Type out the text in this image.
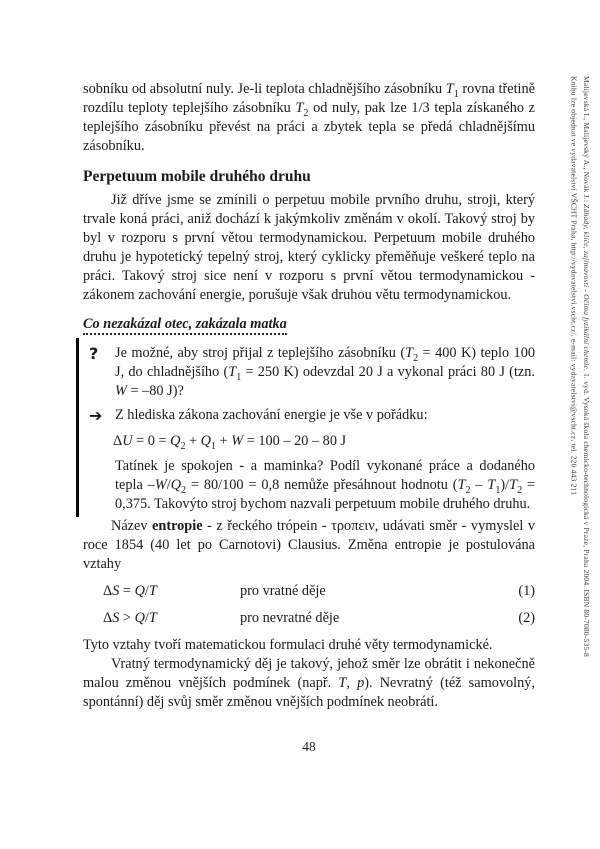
sobníku od absolutní nuly. Je-li teplota chladnějšího zásobníku $T_1$ rovna třetině rozdílu teploty teplejšího zásobníku $T_2$ od nuly, pak lze 1/3 tepla získaného z teplejšího zásobníku převést na práci a zbytek tepla se předá chladnějšímu zásobníku.

Perpetuum mobile druhého druhu

Již dříve jsme se zmínili o perpetuu mobile prvního druhu, stroji, který trvale koná práci, aniž dochází k jakýmkoliv změnám v okolí. Takový stroj by byl v rozporu s první větou termodynamickou. Perpetuum mobile druhého druhu je hypotetický tepelný stroj, který cyklicky přeměňuje veškeré teplo na práci. Takový stroj sice není v rozporu s první větou termodynamickou - zákonem zachování energie, porušuje však druhou větu termodynamickou.

Co nezakázal otec, zakázala matka
?	Je možné, aby stroj přijal z teplejšího zásobníku ($T_2 = 400$ K) teplo 100 J, do chladnějšího ($T_1 = 250$ K) odevzdal 20 J a vykonal práci 80 J (tzn. W = –80 J)?

➔ Z hlediska zákona zachování energie je vše v pořádku:

$\Delta U = 0 = Q_2 + Q_1 + W = 100 - 20 - 80$ J

Tatínek je spokojen - a maminka? Podíl vykonané práce a dodaného tepla $-W/Q_2 = 80/100 = 0,8$ nemůže přesáhnout hodnotu $(T_2 - T_1)/T_2 = 0,375$. Takovýto stroj bychom nazvali perpetuum mobile druhého druhu.

Název entropie - z řeckého trópein - τροπειν, udávati směr - vymyslel v roce 1854 (40 let po Carnotovi) Clausius. Změna entropie je postulována vztahy

ΔS = Q/T	pro vratné děje	(1)
ΔS > Q/T	pro nevratné děje	(2)

Tyto vztahy tvoří matematickou formulaci druhé věty termodynamické.

Vratný termodynamický děj je takový, jehož směr lze obrátit i nekonečně malou změnou vnějších podmínek (např. T, p). Nevratný (též samovolný, spontánní) děj svůj směr změnou vnějších podmínek neobrátí.

48
Malijevská I., Malijevský A., Novák J.: Záhady, klíče, zajímavosti - Očima fyzikální chemie. 1. vyd. Vysoká škola chemicko-technologická v Praze, Praha 2004. ISBN 80-7080-535-8
Knihu lze objednat ve vydavatelství VŠCHT Praha, http://vydavatelstvi.vscht.cz/, e-mail: vydavatelstvi@vscht.cz, tel. 220 443 211
